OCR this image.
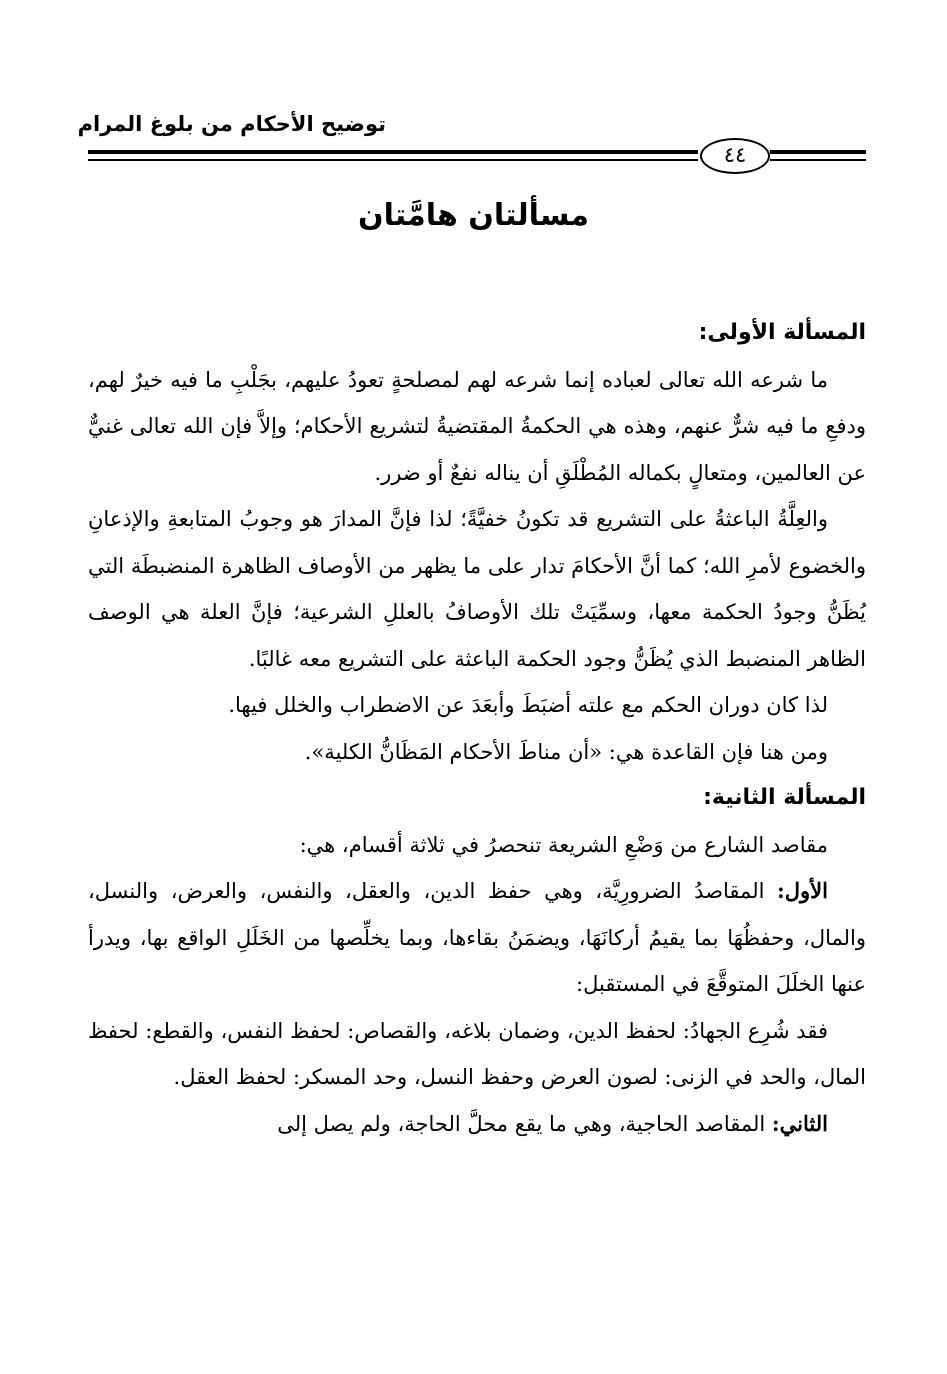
توضيح الأحكام من بلوغ المرام
٤٤
مسألتان هامَّتان

المسألة الأولى:

ما شرعه الله تعالى لعباده إنما شرعه لهم لمصلحةٍ تعودُ عليهم، بجَلْبِ ما فيه خيرٌ لهم، ودفعِ ما فيه شرٌّ عنهم، وهذه هي الحكمةُ المقتضيةُ لتشريع الأحكام؛ وإلاَّ فإن الله تعالى غنيٌّ عن العالمين، ومتعالٍ بكماله المُطْلَقِ أن يناله نفعٌ أو ضرر.

والعِلَّةُ الباعثةُ على التشريع قد تكونُ خفيَّةً؛ لذا فإنَّ المدارَ هو وجوبُ المتابعةِ والإذعانِ والخضوع لأمرِ الله؛ كما أنَّ الأحكامَ تدار على ما يظهر من الأوصاف الظاهرة المنضبطَة التي يُظَنُّ وجودُ الحكمة معها، وسمِّيَتْ تلك الأوصافُ بالعللِ الشرعية؛ فإنَّ العلة هي الوصف الظاهر المنضبط الذي يُظَنُّ وجود الحكمة الباعثة على التشريع معه غالبًا.

لذا كان دوران الحكم مع علته أضبَطَ وأبعَدَ عن الاضطراب والخلل فيها.

ومن هنا فإن القاعدة هي: «أن مناطَ الأحكام المَظَانُّ الكلية».

المسألة الثانية:

مقاصد الشارع من وَضْعِ الشريعة تنحصرُ في ثلاثة أقسام، هي:

الأول: المقاصدُ الضرورِيَّة، وهي حفظ الدين، والعقل، والنفس، والعرض، والنسل، والمال، وحفظُهَا بما يقيمُ أركانَهَا، ويضمَنُ بقاءها، وبما يخلِّصها من الخَلَلِ الواقع بها، ويدرأ عنها الخلَلَ المتوقَّعَ في المستقبل:

فقد شُرِع الجهادُ: لحفظ الدين، وضمان بلاغه، والقصاص: لحفظ النفس، والقطع: لحفظ المال، والحد في الزنى: لصون العرض وحفظ النسل، وحد المسكر: لحفظ العقل.

الثاني: المقاصد الحاجية، وهي ما يقع محلَّ الحاجة، ولم يصل إلى
